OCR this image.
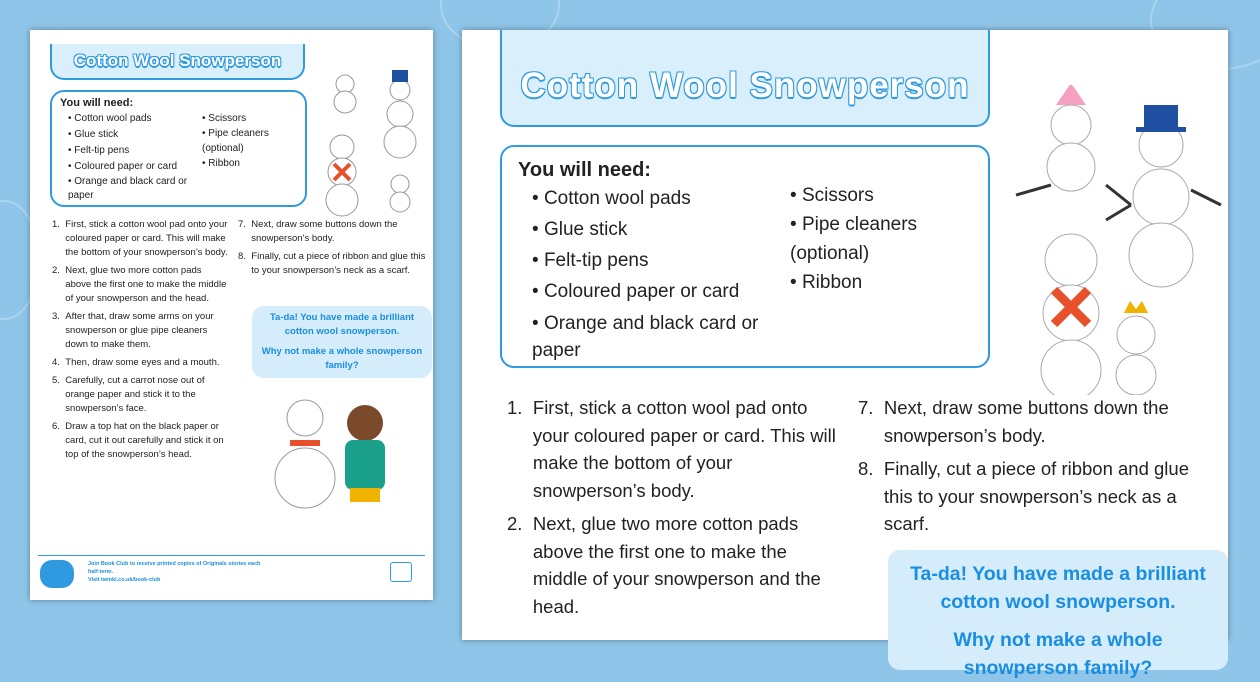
Cotton Wool Snowperson
You will need:
• Cotton wool pads
• Glue stick
• Felt-tip pens
• Coloured paper or card
• Orange and black card or paper
• Scissors
• Pipe cleaners (optional)
• Ribbon
1. First, stick a cotton wool pad onto your coloured paper or card. This will make the bottom of your snowperson’s body.
2. Next, glue two more cotton pads above the first one to make the middle of your snowperson and the head.
3. After that, draw some arms on your snowperson or glue pipe cleaners down to make them.
4. Then, draw some eyes and a mouth.
5. Carefully, cut a carrot nose out of orange paper and stick it to the snowperson’s face.
6. Draw a top hat on the black paper or card, cut it out carefully and stick it on top of the snowperson’s head.
7. Next, draw some buttons down the snowperson’s body.
8. Finally, cut a piece of ribbon and glue this to your snowperson’s neck as a scarf.
Ta-da! You have made a brilliant cotton wool snowperson.
Why not make a whole snowperson family?
Join Book Club to receive printed copies of Originals stories each half-term.
Visit twinkl.co.uk/book-club
Cotton Wool Snowperson
You will need:
• Cotton wool pads
• Glue stick
• Felt-tip pens
• Coloured paper or card
• Orange and black card or paper
• Scissors
• Pipe cleaners (optional)
• Ribbon
1. First, stick a cotton wool pad onto your coloured paper or card. This will make the bottom of your snowperson’s body.
2. Next, glue two more cotton pads above the first one to make the middle of your snowperson and the head.
7. Next, draw some buttons down the snowperson’s body.
8. Finally, cut a piece of ribbon and glue this to your snowperson’s neck as a scarf.
Ta-da! You have made a brilliant cotton wool snowperson.
Why not make a whole snowperson family?
